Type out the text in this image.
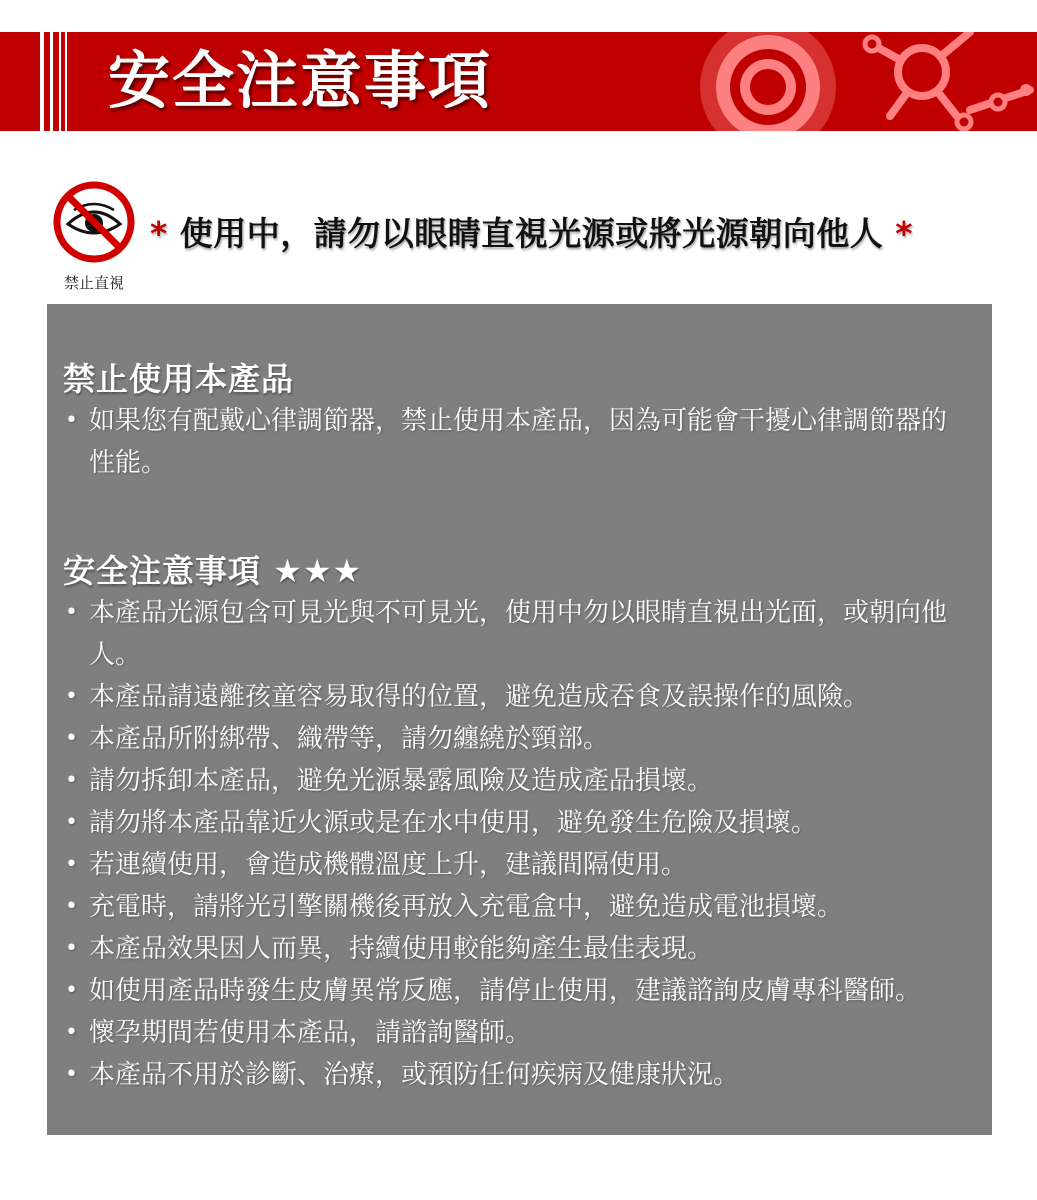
安全注意事項
禁止直視
* 使用中，請勿以眼睛直視光源或將光源朝向他人 *
禁止使用本產品
• 如果您有配戴心律調節器，禁止使用本產品，因為可能會干擾心律調節器的性能。
安全注意事項 ★★★
• 本產品光源包含可見光與不可見光，使用中勿以眼睛直視出光面，或朝向他人。
• 本產品請遠離孩童容易取得的位置，避免造成吞食及誤操作的風險。
• 本產品所附綁帶、織帶等，請勿纏繞於頸部。
• 請勿拆卸本產品，避免光源暴露風險及造成產品損壞。
• 請勿將本產品靠近火源或是在水中使用，避免發生危險及損壞。
• 若連續使用，會造成機體溫度上升，建議間隔使用。
• 充電時，請將光引擎關機後再放入充電盒中，避免造成電池損壞。
• 本產品效果因人而異，持續使用較能夠產生最佳表現。
• 如使用產品時發生皮膚異常反應，請停止使用，建議諮詢皮膚專科醫師。
• 懷孕期間若使用本產品，請諮詢醫師。
• 本產品不用於診斷、治療，或預防任何疾病及健康狀況。
